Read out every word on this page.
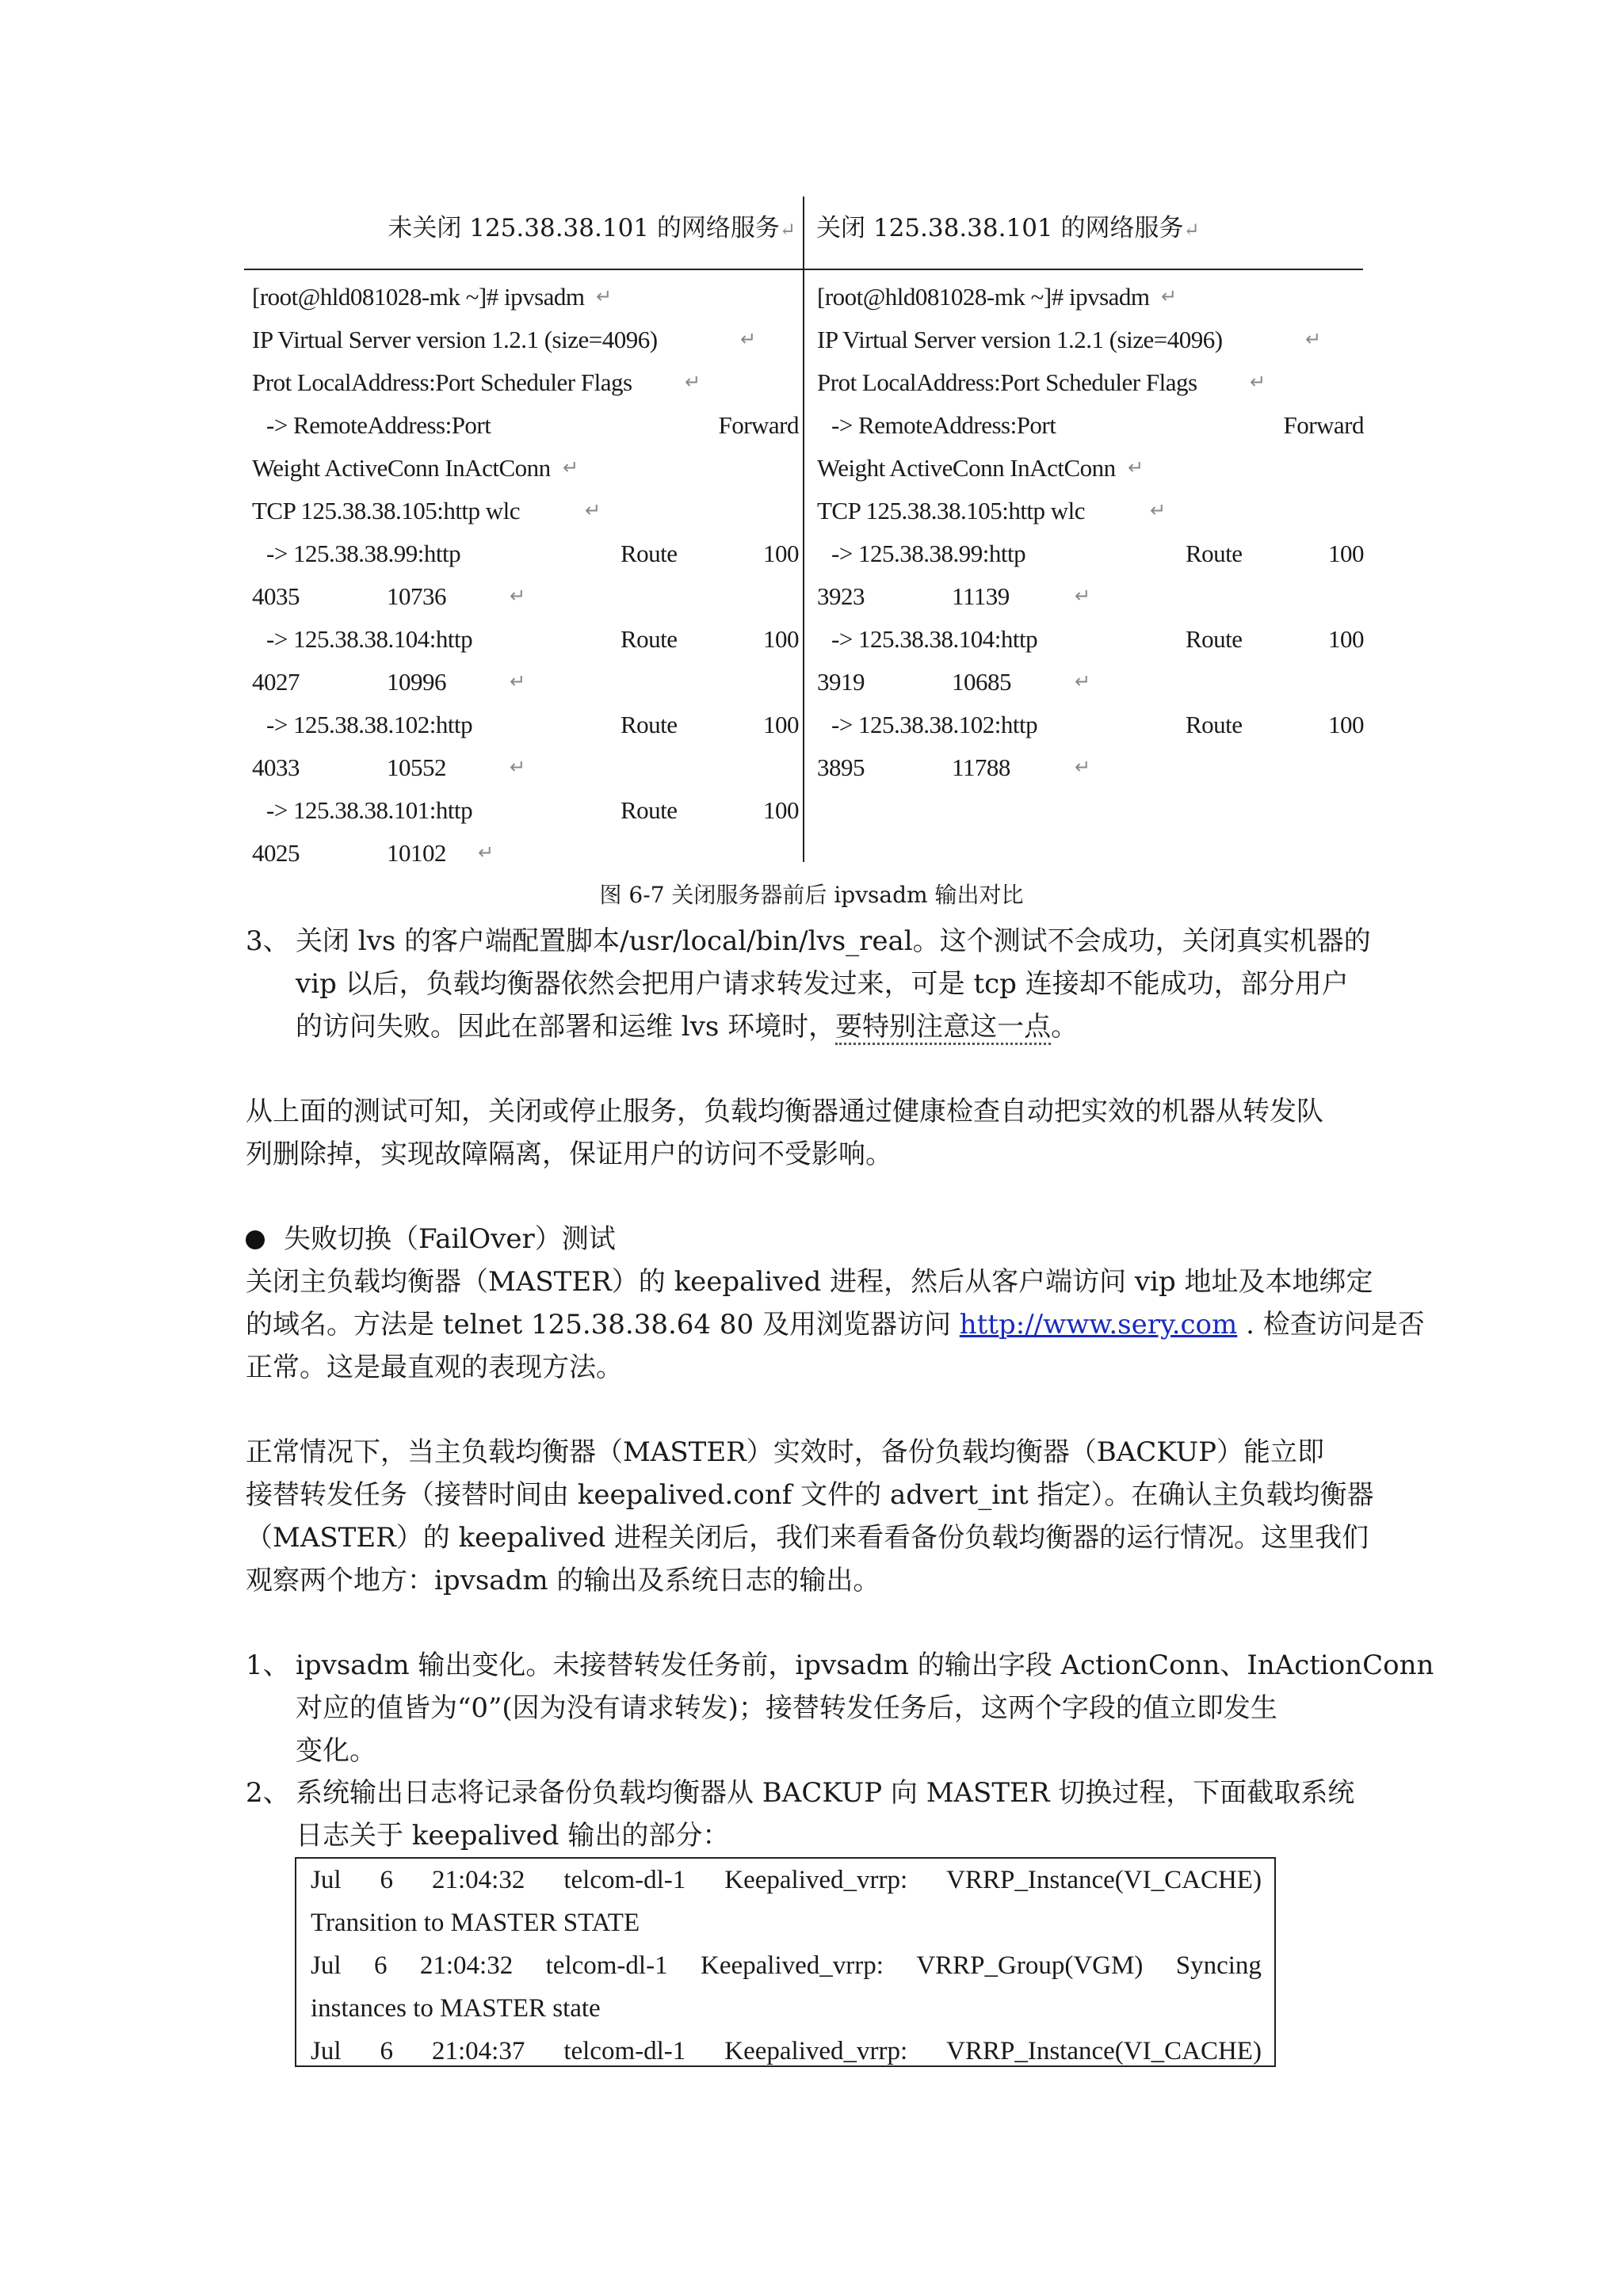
未关闭 125.38.38.101 的网络服务↵ 关闭 125.38.38.101 的网络服务↵
[root@hld081028-mk ~]# ipvsadm ↵
IP Virtual Server version 1.2.1 (size=4096)	↵
Prot LocalAddress:Port Scheduler Flags	↵
-> RemoteAddress:Port	Forward
Weight ActiveConn InActConn ↵
TCP 125.38.38.105:http wlc	↵
-> 125.38.38.99:http	Route	100
4035	10736	↵
-> 125.38.38.104:http	Route	100
4027	10996	↵
-> 125.38.38.102:http	Route	100
4033	10552	↵
-> 125.38.38.101:http	Route	100
4025	10102 ↵
[root@hld081028-mk ~]# ipvsadm ↵
IP Virtual Server version 1.2.1 (size=4096)	↵
Prot LocalAddress:Port Scheduler Flags	↵
-> RemoteAddress:Port	Forward
Weight ActiveConn InActConn ↵
TCP 125.38.38.105:http wlc	↵
-> 125.38.38.99:http	Route	100
3923	11139	↵
-> 125.38.38.104:http	Route	100
3919	10685	↵
-> 125.38.38.102:http	Route	100
3895	11788	↵
图 6-7 关闭服务器前后 ipvsadm 输出对比
3、 关闭 lvs 的客户端配置脚本/usr/local/bin/lvs_real。这个测试不会成功，关闭真实机器的

vip 以后，负载均衡器依然会把用户请求转发过来，可是 tcp 连接却不能成功，部分用户

的访问失败。因此在部署和运维 lvs 环境时，要特别注意这一点。

从上面的测试可知，关闭或停止服务，负载均衡器通过健康检查自动把实效的机器从转发队

列删除掉，实现故障隔离，保证用户的访问不受影响。

失败切换（FailOver）测试

关闭主负载均衡器（MASTER）的 keepalived 进程，然后从客户端访问 vip 地址及本地绑定

的域名。方法是 telnet 125.38.38.64 80 及用浏览器访问 http://www.sery.com . 检查访问是否

正常。这是最直观的表现方法。

正常情况下，当主负载均衡器（MASTER）实效时，备份负载均衡器（BACKUP）能立即

接替转发任务（接替时间由 keepalived.conf 文件的 advert_int 指定）。在确认主负载均衡器

（MASTER）的 keepalived 进程关闭后，我们来看看备份负载均衡器的运行情况。这里我们

观察两个地方：ipvsadm 的输出及系统日志的输出。

1、 ipvsadm 输出变化。未接替转发任务前，ipvsadm 的输出字段 ActionConn、InActionConn

对应的值皆为“0”(因为没有请求转发)；接替转发任务后，这两个字段的值立即发生

变化。

2、 系统输出日志将记录备份负载均衡器从 BACKUP 向 MASTER 切换过程，下面截取系统

日志关于 keepalived 输出的部分：

Jul 6 21:04:32 telcom-dl-1 Keepalived_vrrp: VRRP_Instance(VI_CACHE)
Transition to MASTER STATE
Jul 6 21:04:32 telcom-dl-1 Keepalived_vrrp: VRRP_Group(VGM) Syncing
instances to MASTER state
Jul 6 21:04:37 telcom-dl-1 Keepalived_vrrp: VRRP_Instance(VI_CACHE)
